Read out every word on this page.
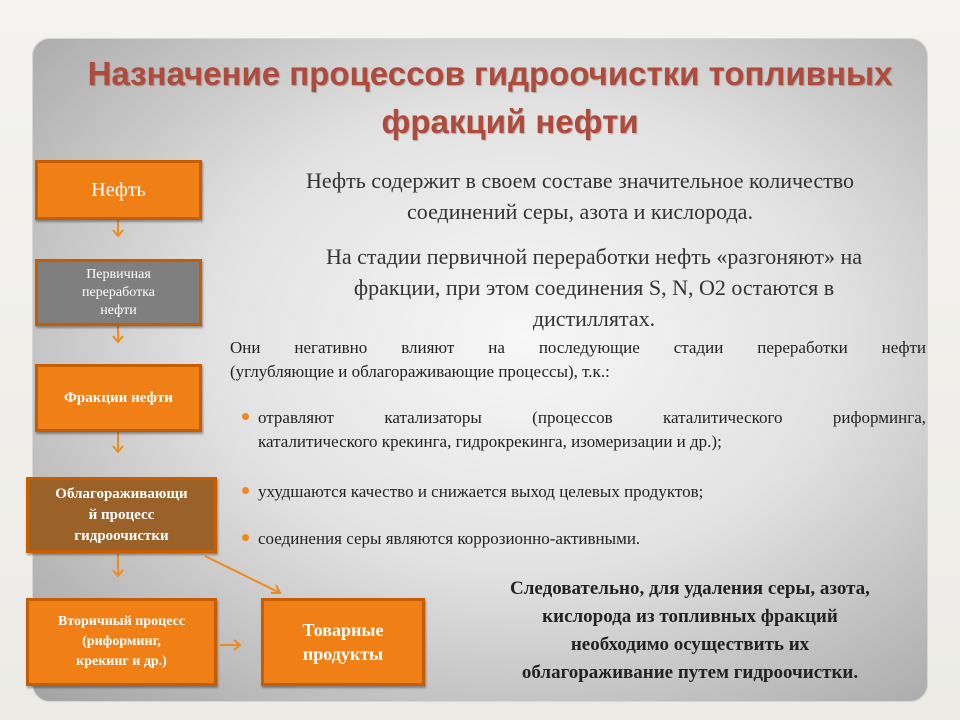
Назначение процессов гидроочистки топливных
фракций нефти
Нефть
Первичная
переработка
нефти
Фракции нефти
Облагораживающи
й процесс
гидроочистки
Вторичный процесс
(риформинг,
крекинг и др.)
Товарные
продукты
Нефть содержит в своем составе значительное количество
соединений серы, азота и кислорода.
На стадии первичной переработки нефть «разгоняют» на
фракции, при этом соединения S, N, O2 остаются в
дистиллятах.
Они негативно влияют на последующие стадии переработки нефти
(углубляющие и облагораживающие процессы), т.к.:
отравляют катализаторы (процессов каталитического риформинга,
каталитического крекинга, гидрокрекинга, изомеризации и др.);
ухудшаются качество и снижается выход целевых продуктов;
соединения серы являются коррозионно-активными.
Следовательно, для удаления серы, азота,
кислорода из топливных фракций
необходимо осуществить их
облагораживание путем гидроочистки.
